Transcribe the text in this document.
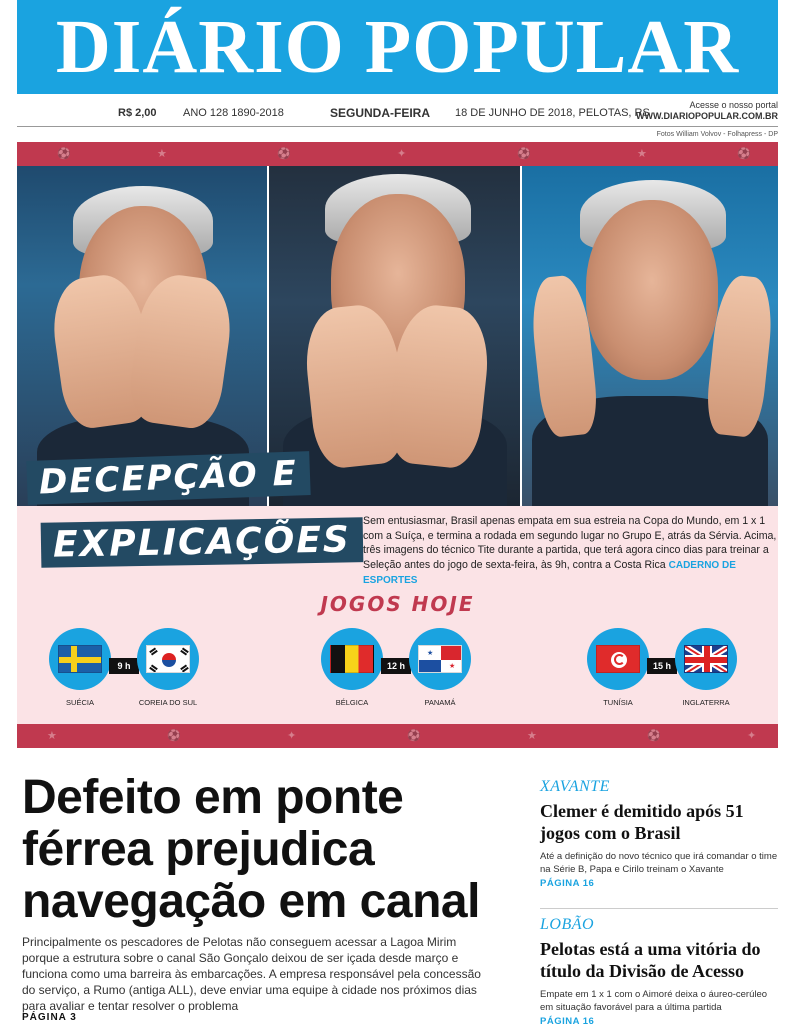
DIÁRIO POPULAR
R$ 2,00 ANO 128 1890-2018	SEGUNDA-FEIRA 18 DE JUNHO DE 2018, PELOTAS, RS
Acesse o nosso portal
WWW.DIARIOPOPULAR.COM.BR
Fotos William Volvov - Folhapress - DP
⚽	★	⚽	✦	⚽	★	⚽
DECEPÇÃO E
EXPLICAÇÕES	Sem entusiasmar, Brasil apenas empata em sua estreia na Copa do Mundo, em 1 x 1 com a Suíça, e termina a rodada em segundo lugar no Grupo E, atrás da Sérvia. Acima, três imagens do técnico Tite durante a partida, que terá agora cinco dias para treinar a Seleção antes do jogo de sexta-feira, às 9h, contra a Costa Rica CADERNO DE ESPORTES

JOGOS HOJE
9 h
SUÉCIA	COREIA DO SUL
12 h
★
★
BÉLGICA	PANAMÁ
15 h
TUNÍSIA	INGLATERRA
★	⚽	✦	⚽	★	⚽	✦
Defeito em ponte férrea prejudica navegação em canal

Principalmente os pescadores de Pelotas não conseguem acessar a Lagoa Mirim porque a estrutura sobre o canal São Gonçalo deixou de ser içada desde março e funciona como uma barreira às embarcações. A empresa responsável pela concessão do serviço, a Rumo (antiga ALL), deve enviar uma equipe à cidade nos próximos dias para avaliar e tentar resolver o problema

PÁGINA 3
XAVANTE
Clemer é demitido após 51 jogos com o Brasil

Até a definição do novo técnico que irá comandar o time na Série B, Papa e Cirilo treinam o Xavante

PÁGINA 16
LOBÃO
Pelotas está a uma vitória do título da Divisão de Acesso

Empate em 1 x 1 com o Aimoré deixa o áureo-cerúleo em situação favorável para a última partida

PÁGINA 16
